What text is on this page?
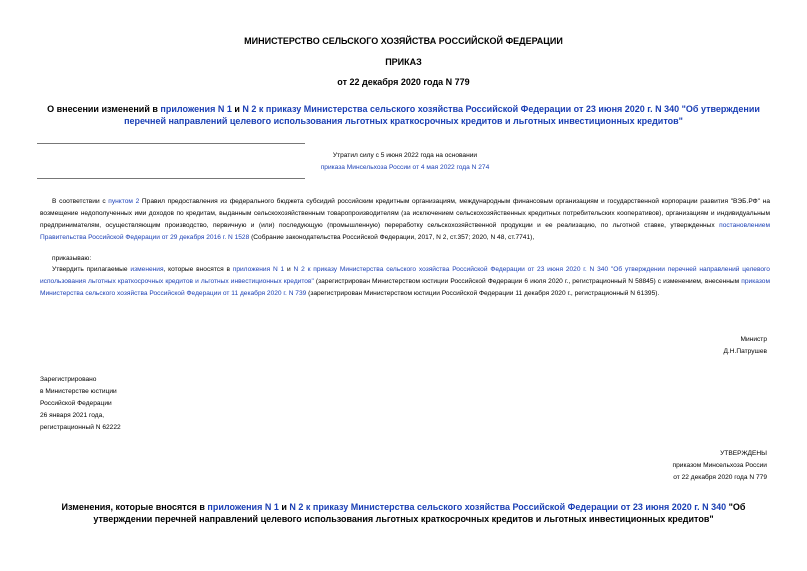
МИНИСТЕРСТВО СЕЛЬСКОГО ХОЗЯЙСТВА РОССИЙСКОЙ ФЕДЕРАЦИИ
ПРИКАЗ
от 22 декабря 2020 года N 779
О внесении изменений в приложения N 1 и N 2 к приказу Министерства сельского хозяйства Российской Федерации от 23 июня 2020 г. N 340 "Об утверждении
перечней направлений целевого использования льготных краткосрочных кредитов и льготных инвестиционных кредитов"
Утратил силу с 5 июня 2022 года на основании
приказа Минсельхоза России от 4 мая 2022 года N 274
В соответствии с пунктом 2 Правил предоставления из федерального бюджета субсидий российским кредитным организациям, международным финансовым организациям и государственной корпорации развития "ВЭБ.РФ" на возмещение недополученных ими доходов по кредитам, выданным сельскохозяйственным товаропроизводителям (за исключением сельскохозяйственных кредитных потребительских кооперативов), организациям и индивидуальным предпринимателям, осуществляющим производство, первичную и (или) последующую (промышленную) переработку сельскохозяйственной продукции и ее реализацию, по льготной ставке, утвержденных постановлением Правительства Российской Федерации от 29 декабря 2016 г. N 1528 (Собрание законодательства Российской Федерации, 2017, N 2, ст.357; 2020, N 48, ст.7741),
приказываю:
Утвердить прилагаемые изменения, которые вносятся в приложения N 1 и N 2 к приказу Министерства сельского хозяйства Российской Федерации от 23 июня 2020 г. N 340 "Об утверждении перечней направлений целевого использования льготных краткосрочных кредитов и льготных инвестиционных кредитов" (зарегистрирован Министерством юстиции Российской Федерации 6 июля 2020 г., регистрационный N 58845) с изменением, внесенным приказом Министерства сельского хозяйства Российской Федерации от 11 декабря 2020 г. N 739 (зарегистрирован Министерством юстиции Российской Федерации 11 декабря 2020 г., регистрационный N 61395).
Министр
Д.Н.Патрушев
Зарегистрировано
в Министерстве юстиции
Российской Федерации
26 января 2021 года,
регистрационный N 62222
УТВЕРЖДЕНЫ
приказом Минсельхоза России
от 22 декабря 2020 года N 779
Изменения, которые вносятся в приложения N 1 и N 2 к приказу Министерства сельского хозяйства Российской Федерации от 23 июня 2020 г. N 340 "Об
утверждении перечней направлений целевого использования льготных краткосрочных кредитов и льготных инвестиционных кредитов"
